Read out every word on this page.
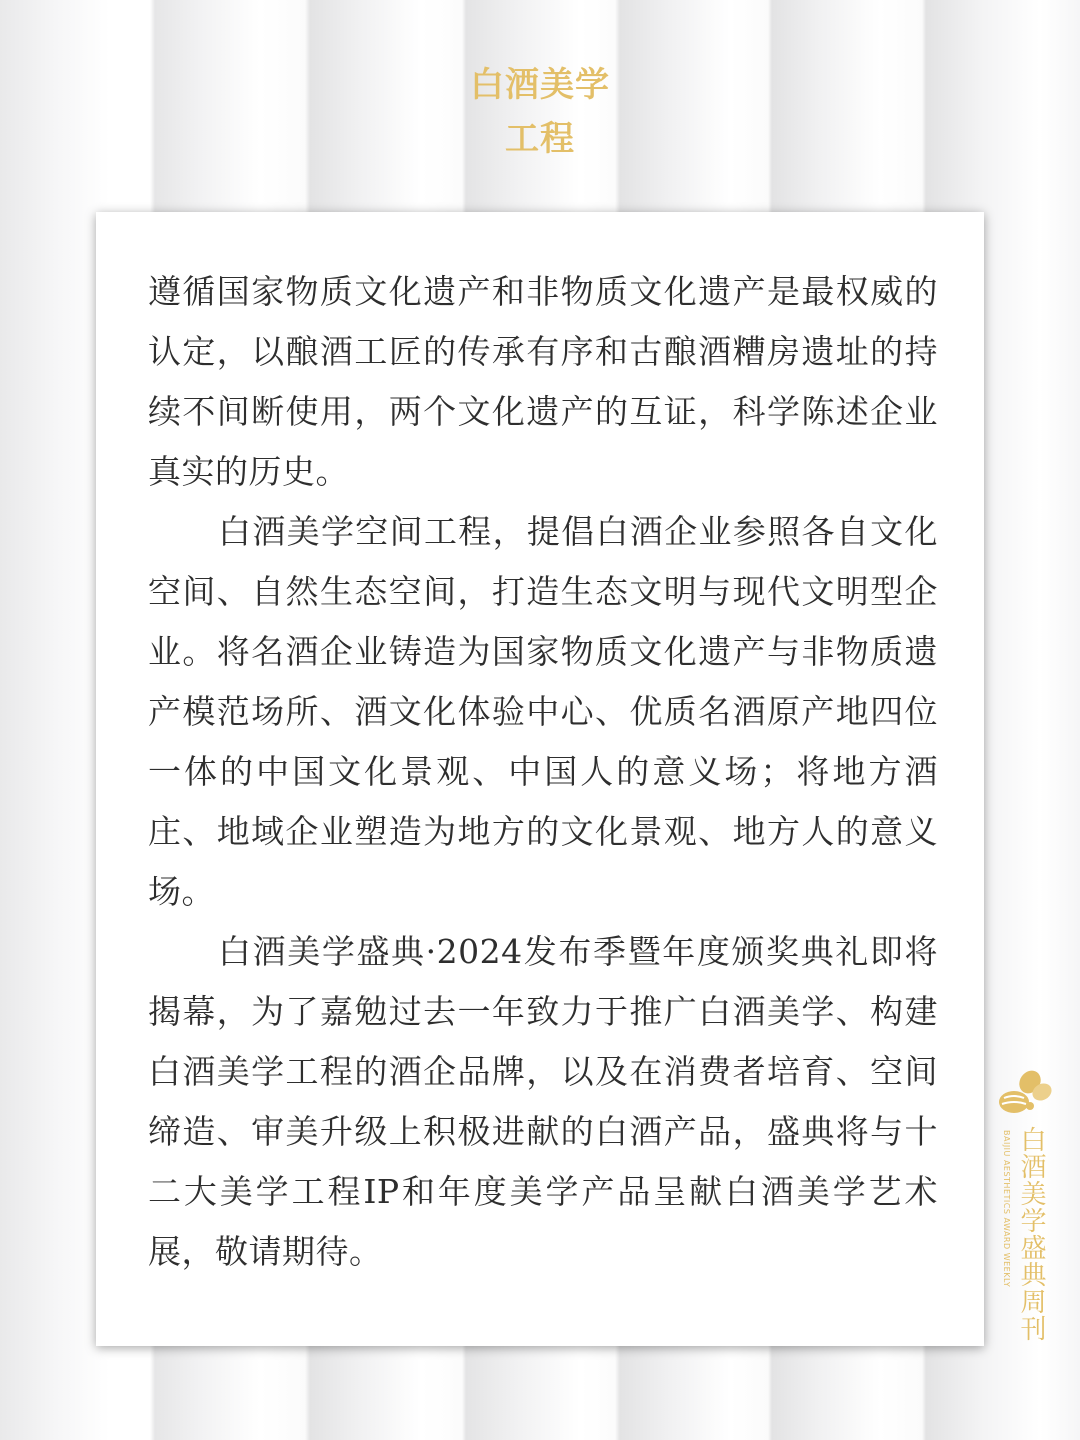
白酒美学
工程

遵循国家物质文化遗产和非物质文化遗产是最权威的认定，以酿酒工匠的传承有序和古酿酒糟房遗址的持续不间断使用，两个文化遗产的互证，科学陈述企业真实的历史。

白酒美学空间工程，提倡白酒企业参照各自文化空间、自然生态空间，打造生态文明与现代文明型企业。将名酒企业铸造为国家物质文化遗产与非物质遗产模范场所、酒文化体验中心、优质名酒原产地四位一体的中国文化景观、中国人的意义场；将地方酒庄、地域企业塑造为地方的文化景观、地方人的意义场。

白酒美学盛典·2024发布季暨年度颁奖典礼即将揭幕，为了嘉勉过去一年致力于推广白酒美学、构建白酒美学工程的酒企品牌，以及在消费者培育、空间缔造、审美升级上积极进献的白酒产品，盛典将与十二大美学工程IP和年度美学产品呈献白酒美学艺术展，敬请期待。	白酒美学盛典周刊
BAIJIU AESTHETICS AWARD WEEKLY
